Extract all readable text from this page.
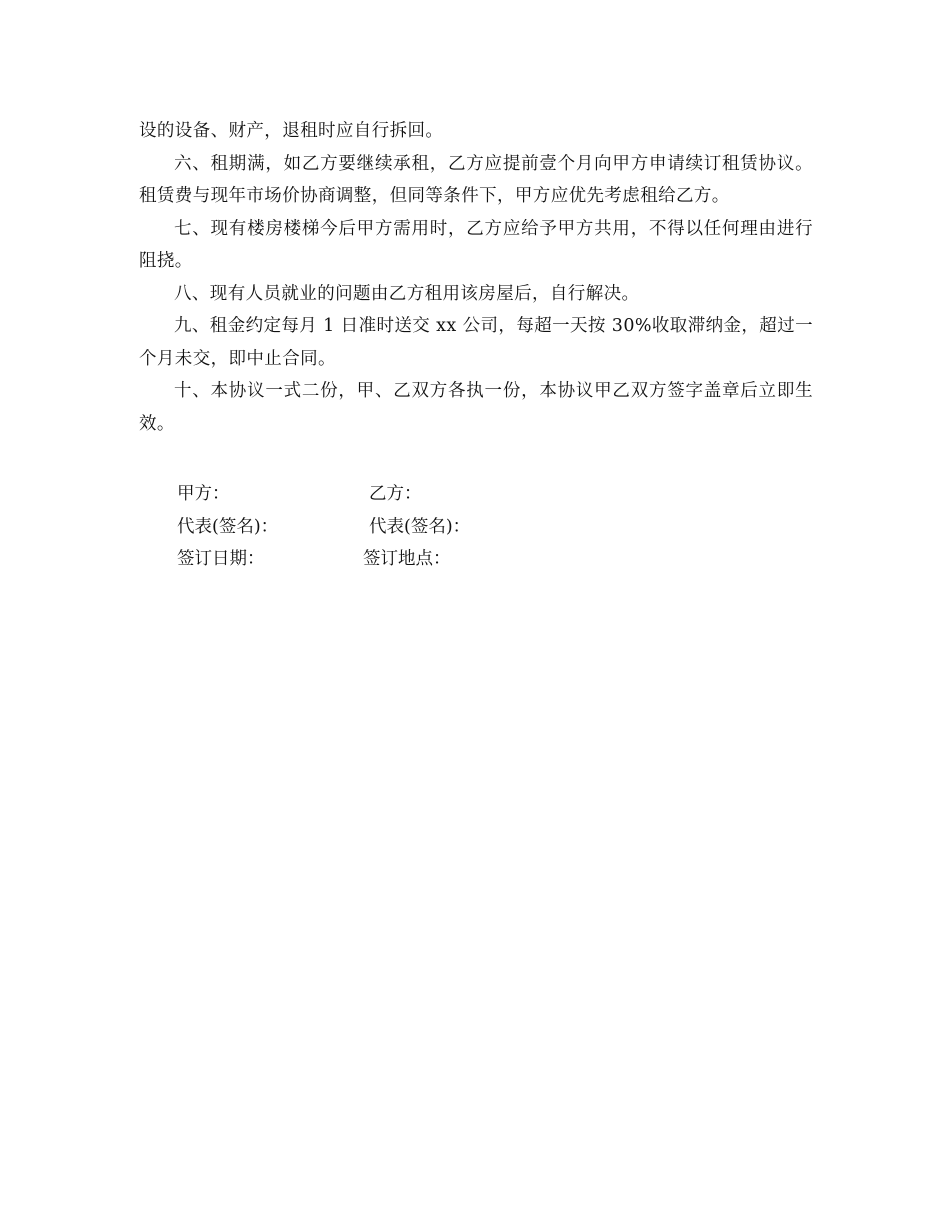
设的设备、财产，退租时应自行拆回。

六、租期满，如乙方要继续承租，乙方应提前壹个月向甲方申请续订租赁协议。租赁费与现年市场价协商调整，但同等条件下，甲方应优先考虑租给乙方。

七、现有楼房楼梯今后甲方需用时，乙方应给予甲方共用，不得以任何理由进行阻挠。

八、现有人员就业的问题由乙方租用该房屋后，自行解决。

九、租金约定每月 1 日准时送交 xx 公司，每超一天按 30%收取滞纳金，超过一个月未交，即中止合同。

十、本协议一式二份，甲、乙双方各执一份，本协议甲乙双方签字盖章后立即生效。

甲方：	乙方：
代表(签名)：	代表(签名)：
签订日期：	签订地点：
